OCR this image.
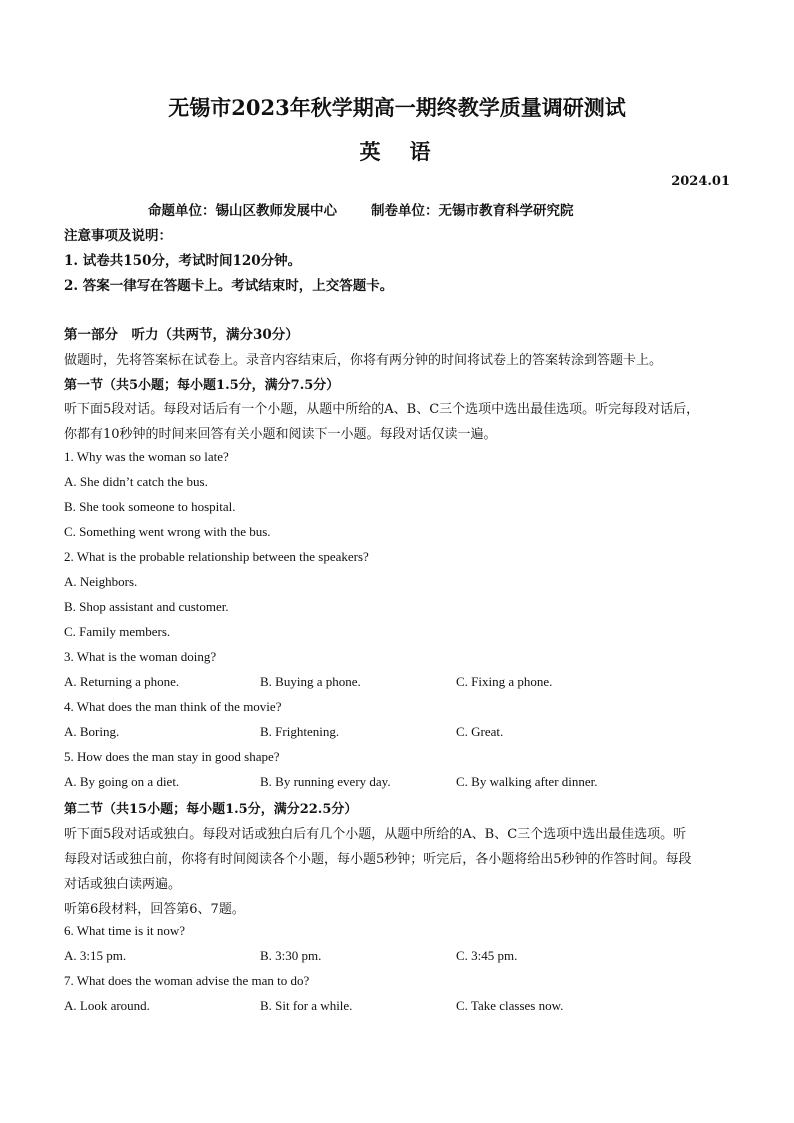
无锡市2023年秋学期高一期终教学质量调研测试
英　语
2024.01
命题单位：锡山区教师发展中心	制卷单位：无锡市教育科学研究院
注意事项及说明：
1. 试卷共150分，考试时间120分钟。
2. 答案一律写在答题卡上。考试结束时，上交答题卡。
第一部分　听力（共两节，满分30分）
做题时，先将答案标在试卷上。录音内容结束后，你将有两分钟的时间将试卷上的答案转涂到答题卡上。
第一节（共5小题；每小题1.5分，满分7.5分）
听下面5段对话。每段对话后有一个小题，从题中所给的A、B、C三个选项中选出最佳选项。听完每段对话后，
你都有10秒钟的时间来回答有关小题和阅读下一小题。每段对话仅读一遍。
1. Why was the woman so late?
A. She didn’t catch the bus.
B. She took someone to hospital.
C. Something went wrong with the bus.
2. What is the probable relationship between the speakers?
A. Neighbors.
B. Shop assistant and customer.
C. Family members.
3. What is the woman doing?
A. Returning a phone.	B. Buying a phone.	C. Fixing a phone.
4. What does the man think of the movie?
A. Boring.	B. Frightening.	C. Great.
5. How does the man stay in good shape?
A. By going on a diet.	B. By running every day.	C. By walking after dinner.
第二节（共15小题；每小题1.5分，满分22.5分）
听下面5段对话或独白。每段对话或独白后有几个小题，从题中所给的A、B、C三个选项中选出最佳选项。听
每段对话或独白前，你将有时间阅读各个小题，每小题5秒钟；听完后，各小题将给出5秒钟的作答时间。每段
对话或独白读两遍。
听第6段材料，回答第6、7题。
6. What time is it now?
A. 3:15 pm.	B. 3:30 pm.	C. 3:45 pm.
7. What does the woman advise the man to do?
A. Look around.	B. Sit for a while.	C. Take classes now.
